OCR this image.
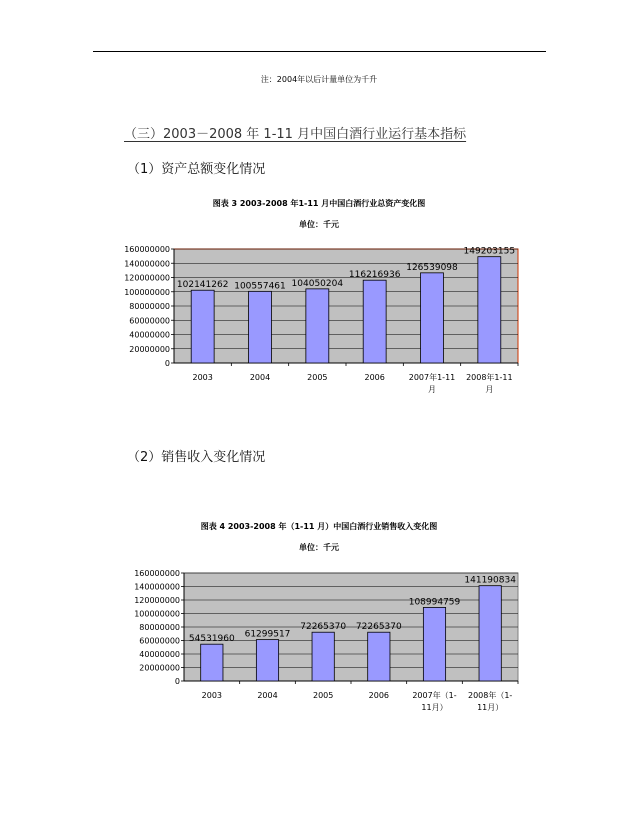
注：2004年以后计量单位为千升
（三）2003－2008 年 1-11 月中国白酒行业运行基本指标
（1）资产总额变化情况
图表 3 2003-2008 年1-11 月中国白酒行业总资产变化图
单位：千元
0
20000000
40000000
60000000
80000000
100000000
120000000
140000000
160000000
102141262
2003
100557461
2004
104050204
2005
116216936
2006
126539098
2007年1-11
月
149203155
2008年1-11
月
（2）销售收入变化情况
图表 4 2003-2008 年（1-11 月）中国白酒行业销售收入变化图
单位：千元
0
20000000
40000000
60000000
80000000
100000000
120000000
140000000
160000000
54531960
2003
61299517
2004
72265370
2005
72265370
2006
108994759
2007年（1-
11月）
141190834
2008年（1-
11月）
